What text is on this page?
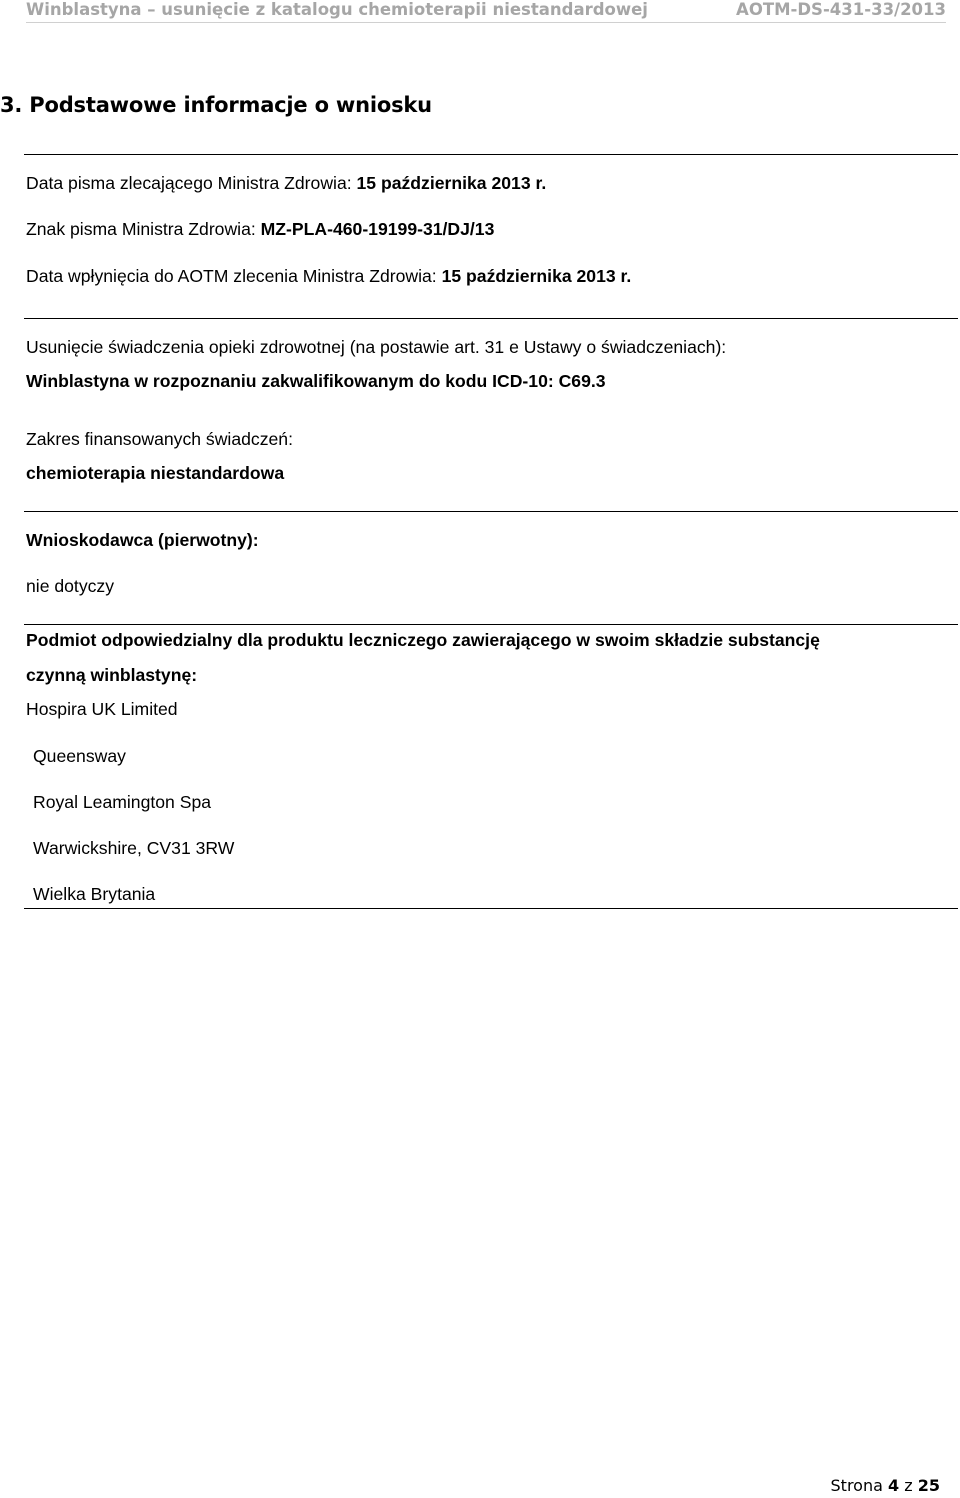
Winblastyna – usunięcie z katalogu chemioterapii niestandardowej	AOTM-DS-431-33/2013
3. Podstawowe informacje o wniosku
Data pisma zlecającego Ministra Zdrowia: 15 października 2013 r.
Znak pisma Ministra Zdrowia: MZ-PLA-460-19199-31/DJ/13
Data wpłynięcia do AOTM zlecenia Ministra Zdrowia: 15 października 2013 r.
Usunięcie świadczenia opieki zdrowotnej (na postawie art. 31 e Ustawy o świadczeniach):
Winblastyna w rozpoznaniu zakwalifikowanym do kodu ICD-10: C69.3
Zakres finansowanych świadczeń:
chemioterapia niestandardowa
Wnioskodawca (pierwotny):
nie dotyczy
Podmiot odpowiedzialny dla produktu leczniczego zawierającego w swoim składzie substancję
czynną winblastynę:
Hospira UK Limited
Queensway
Royal Leamington Spa
Warwickshire, CV31 3RW
Wielka Brytania
Strona 4 z 25
